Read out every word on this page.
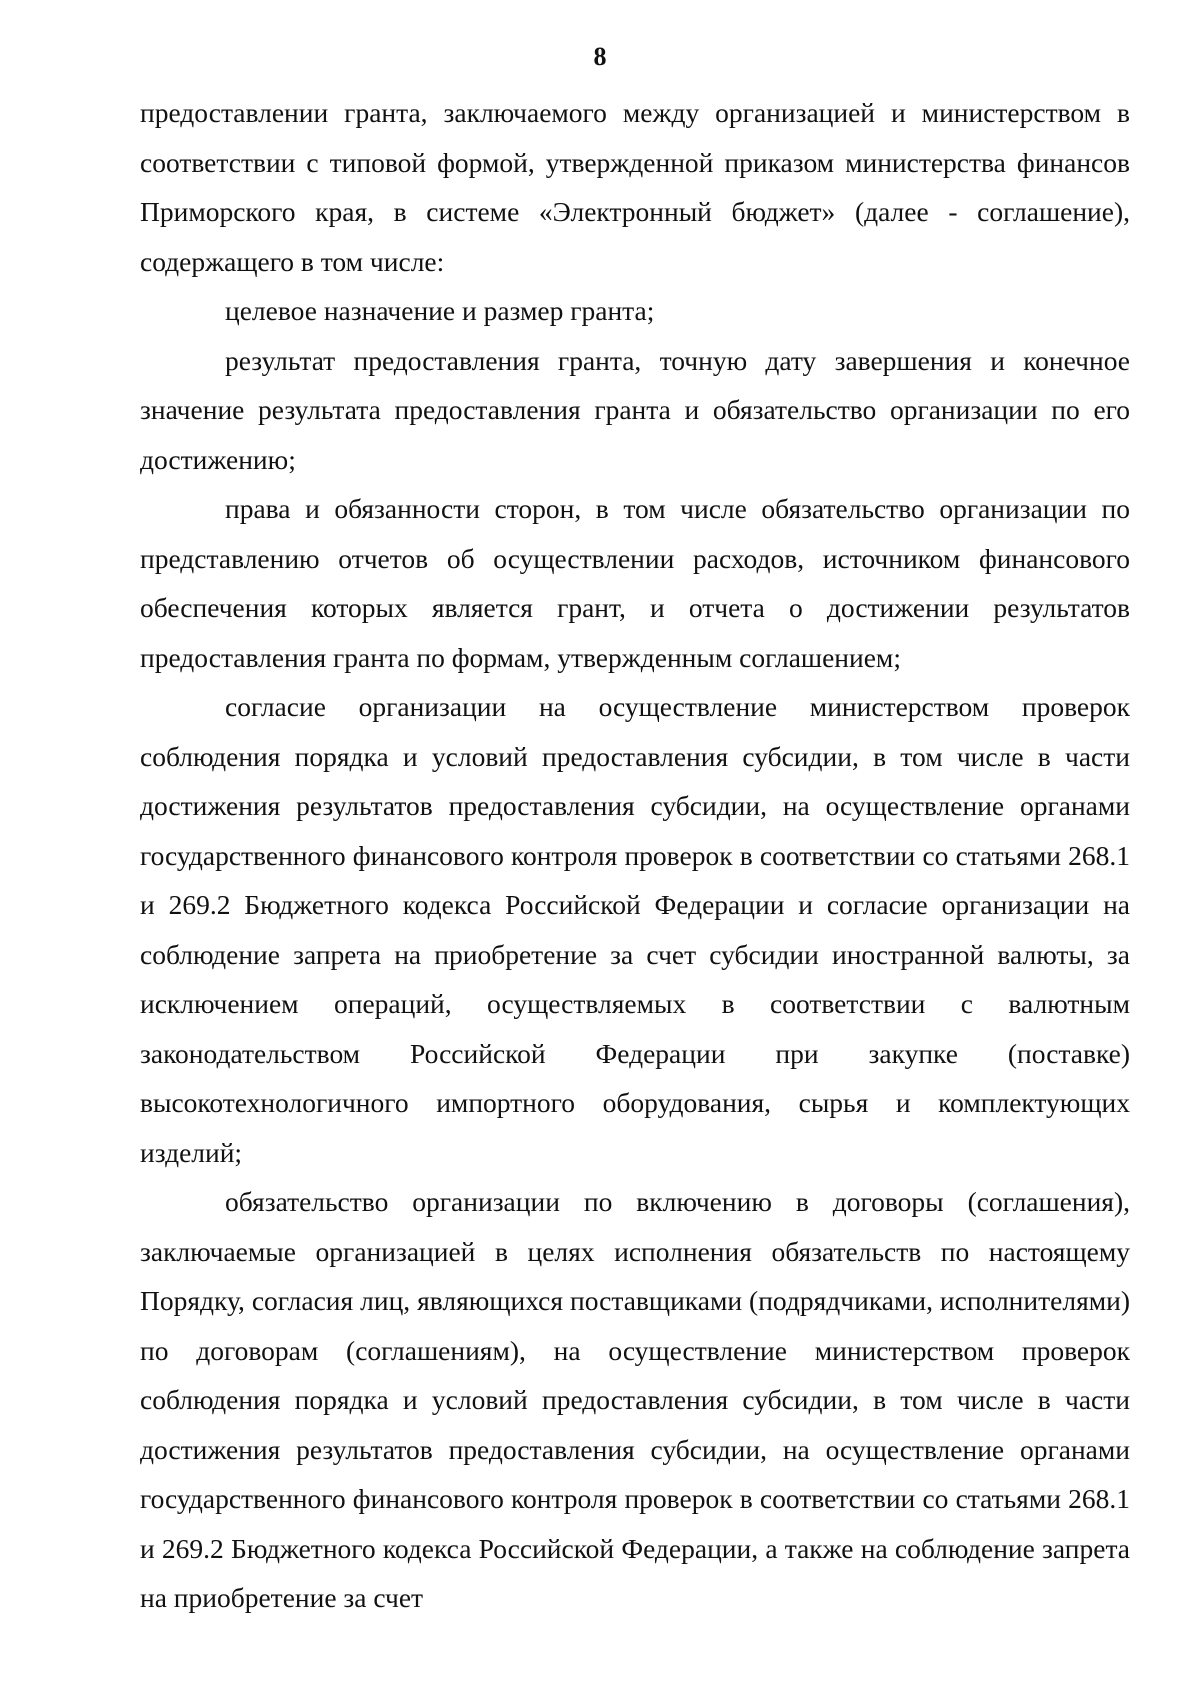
8

предоставлении гранта, заключаемого между организацией и министерством в соответствии с типовой формой, утвержденной приказом министерства финансов Приморского края, в системе «Электронный бюджет» (далее - соглашение), содержащего в том числе:

целевое назначение и размер гранта;

результат предоставления гранта, точную дату завершения и конечное значение результата предоставления гранта и обязательство организации по его достижению;

права и обязанности сторон, в том числе обязательство организации по представлению отчетов об осуществлении расходов, источником финансового обеспечения которых является грант, и отчета о достижении результатов предоставления гранта по формам, утвержденным соглашением;

согласие организации на осуществление министерством проверок соблюдения порядка и условий предоставления субсидии, в том числе в части достижения результатов предоставления субсидии, на осуществление органами государственного финансового контроля проверок в соответствии со статьями 268.1 и 269.2 Бюджетного кодекса Российской Федерации и согласие организации на соблюдение запрета на приобретение за счет субсидии иностранной валюты, за исключением операций, осуществляемых в соответствии с валютным законодательством Российской Федерации при закупке (поставке) высокотехнологичного импортного оборудования, сырья и комплектующих изделий;

обязательство организации по включению в договоры (соглашения), заключаемые организацией в целях исполнения обязательств по настоящему Порядку, согласия лиц, являющихся поставщиками (подрядчиками, исполнителями) по договорам (соглашениям), на осуществление министерством проверок соблюдения порядка и условий предоставления субсидии, в том числе в части достижения результатов предоставления субсидии, на осуществление органами государственного финансового контроля проверок в соответствии со статьями 268.1 и 269.2 Бюджетного кодекса Российской Федерации, а также на соблюдение запрета на приобретение за счет
